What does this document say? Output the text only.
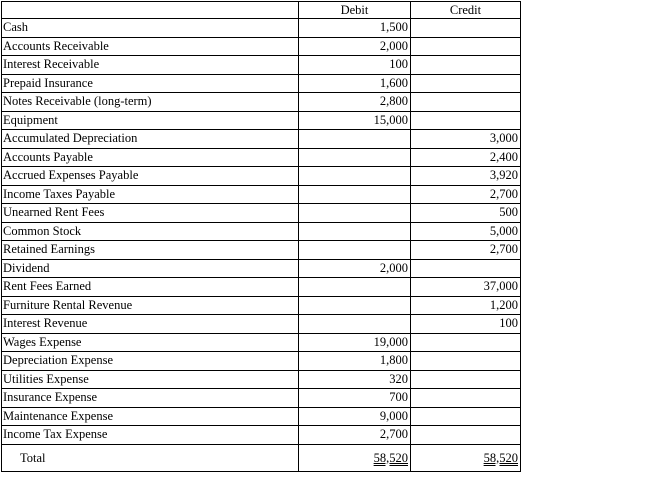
	Debit	Credit
Cash	1,500	
Accounts Receivable	2,000	
Interest Receivable	100	
Prepaid Insurance	1,600	
Notes Receivable (long-term)	2,800	
Equipment	15,000	
Accumulated Depreciation		3,000
Accounts Payable		2,400
Accrued Expenses Payable		3,920
Income Taxes Payable		2,700
Unearned Rent Fees		500
Common Stock		5,000
Retained Earnings		2,700
Dividend	2,000	
Rent Fees Earned		37,000
Furniture Rental Revenue		1,200
Interest Revenue		100
Wages Expense	19,000	
Depreciation Expense	1,800	
Utilities Expense	320	
Insurance Expense	700	
Maintenance Expense	9,000	
Income Tax Expense	2,700	
Total	58,520	58,520
